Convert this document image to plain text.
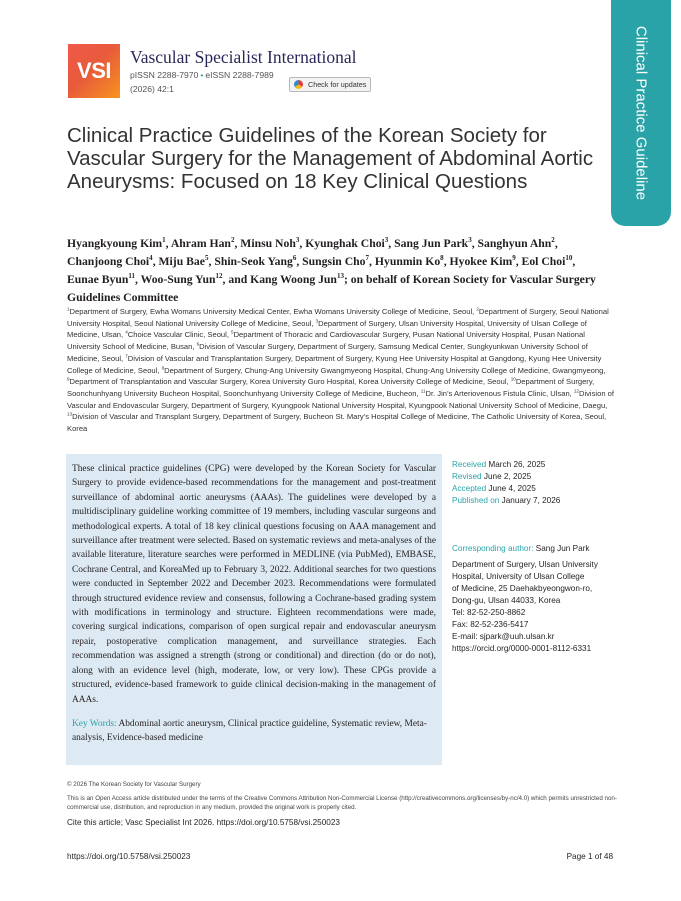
VSI
Vascular Specialist International
pISSN 2288-7970 • eISSN 2288-7989
(2026) 42:1	Check for updates	Clinical Practice Guideline
Clinical Practice Guidelines of the Korean Society for Vascular Surgery for the Management of Abdominal Aortic Aneurysms: Focused on 18 Key Clinical Questions

Hyangkyoung Kim$^1$, Ahram Han$^2$, Minsu Noh$^3$, Kyunghak Choi$^3$, Sang Jun Park$^3$, Sanghyun Ahn$^2$, Chanjoong Choi$^4$, Miju Bae$^5$, Shin-Seok Yang$^6$, Sungsin Cho$^7$, Hyunmin Ko$^8$, Hyokee Kim$^9$, Eol Choi$^{10}$, Eunae Byun$^{11}$, Woo-Sung Yun$^{12}$, and Kang Woong Jun$^{13}$; on behalf of Korean Society for Vascular Surgery Guidelines Committee

$^1$Department of Surgery, Ewha Womans University Medical Center, Ewha Womans University College of Medicine, Seoul, $^2$Department of Surgery, Seoul National University Hospital, Seoul National University College of Medicine, Seoul, $^3$Department of Surgery, Ulsan University Hospital, University of Ulsan College of Medicine, Ulsan, $^4$Choice Vascular Clinic, Seoul, $^5$Department of Thoracic and Cardiovascular Surgery, Pusan National University Hospital, Pusan National University School of Medicine, Busan, $^6$Division of Vascular Surgery, Department of Surgery, Samsung Medical Center, Sungkyunkwan University School of Medicine, Seoul, $^7$Division of Vascular and Transplantation Surgery, Department of Surgery, Kyung Hee University Hospital at Gangdong, Kyung Hee University College of Medicine, Seoul, $^8$Department of Surgery, Chung-Ang University Gwangmyeong Hospital, Chung-Ang University College of Medicine, Gwangmyeong, $^9$Department of Transplantation and Vascular Surgery, Korea University Guro Hospital, Korea University College of Medicine, Seoul, $^{10}$Department of Surgery, Soonchunhyang University Bucheon Hospital, Soonchunhyang University College of Medicine, Bucheon, $^{11}$Dr. Jin’s Arteriovenous Fistula Clinic, Ulsan, $^{12}$Division of Vascular and Endovascular Surgery, Department of Surgery, Kyungpook National University Hospital, Kyungpook National University School of Medicine, Daegu, $^{13}$Division of Vascular and Transplant Surgery, Department of Surgery, Bucheon St. Mary’s Hospital College of Medicine, The Catholic University of Korea, Seoul, Korea

These clinical practice guidelines (CPG) were developed by the Korean Society for Vascular Surgery to provide evidence-based recommendations for the management and post-treatment surveillance of abdominal aortic aneurysms (AAAs). The guidelines were developed by a multidisciplinary guideline working committee of 19 members, including vascular surgeons and methodological experts. A total of 18 key clinical questions focusing on AAA management and surveillance after treatment were selected. Based on systematic reviews and meta-analyses of the available literature, literature searches were performed in MEDLINE (via PubMed), EMBASE, Cochrane Central, and KoreaMed up to February 3, 2022. Additional searches for two questions were conducted in September 2022 and December 2023. Recommendations were formulated through structured evidence review and consensus, following a Cochrane-based grading system with modifications in terminology and structure. Eighteen recommendations were made, covering surgical indications, comparison of open surgical repair and endovascular aneurysm repair, postoperative complication management, and surveillance strategies. Each recommendation was assigned a strength (strong or conditional) and direction (do or do not), along with an evidence level (high, moderate, low, or very low). These CPGs provide a structured, evidence-based framework to guide clinical decision-making in the management of AAAs.

Key Words: Abdominal aortic aneurysm, Clinical practice guideline, Systematic review, Meta-analysis, Evidence-based medicine

Received March 26, 2025
Revised June 2, 2025
Accepted June 4, 2025
Published on January 7, 2026

Corresponding author: Sang Jun Park

Department of Surgery, Ulsan University

Hospital, University of Ulsan College

of Medicine, 25 Daehakbyeongwon-ro,

Dong-gu, Ulsan 44033, Korea

Tel: 82-52-250-8862

Fax: 82-52-236-5417

E-mail: sjpark@uuh.ulsan.kr

https://orcid.org/0000-0001-8112-6331

© 2026 The Korean Society for Vascular Surgery

This is an Open Access article distributed under the terms of the Creative Commons Attribution Non-Commercial License (http://creativecommons.org/licenses/by-nc/4.0) which permits unrestricted non-commercial use, distribution, and reproduction in any medium, provided the original work is properly cited.

Cite this article; Vasc Specialist Int 2026. https://doi.org/10.5758/vsi.250023
https://doi.org/10.5758/vsi.250023	Page 1 of 48
